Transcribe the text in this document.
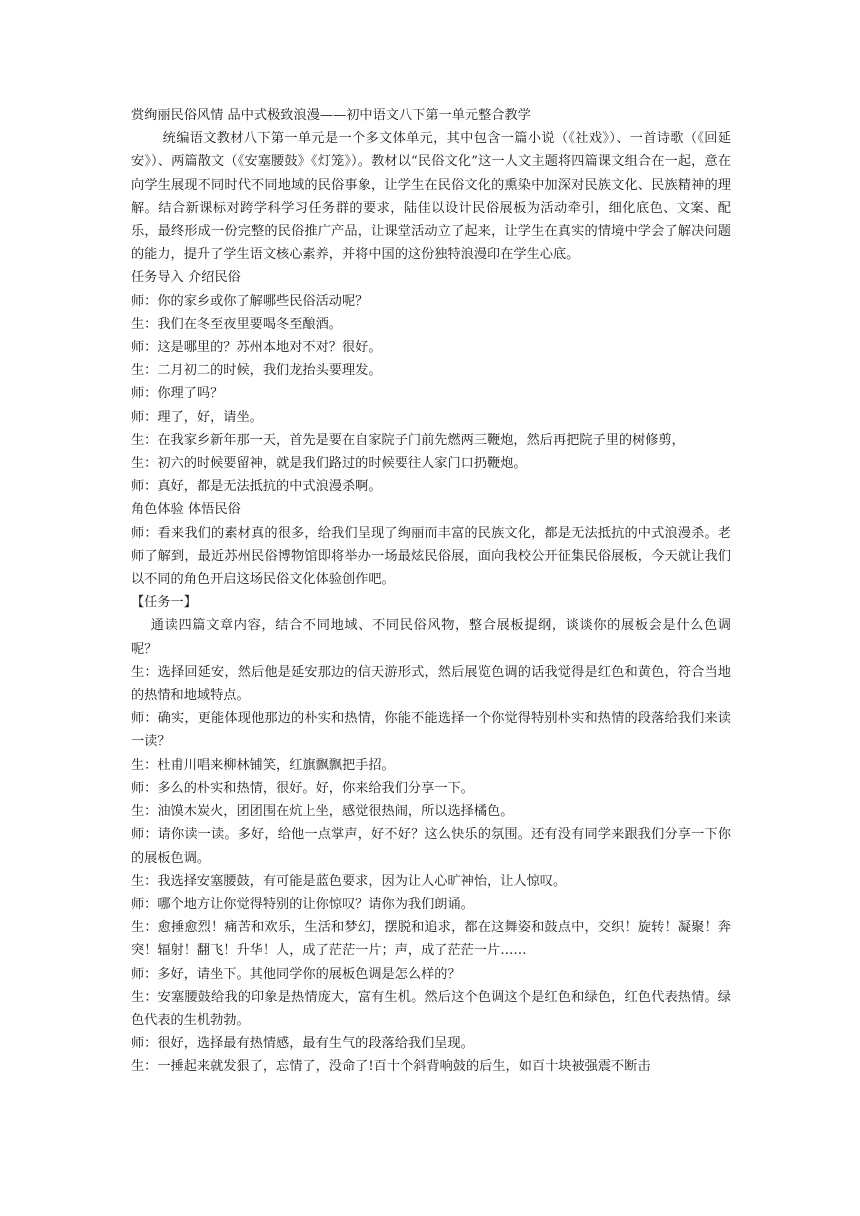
赏绚丽民俗风情 品中式极致浪漫——初中语文八下第一单元整合教学

统编语文教材八下第一单元是一个多文体单元，其中包含一篇小说（《社戏》）、一首诗歌（《回延安》）、两篇散文（《安塞腰鼓》《灯笼》）。教材以“民俗文化”这一人文主题将四篇课文组合在一起，意在向学生展现不同时代不同地域的民俗事象，让学生在民俗文化的熏染中加深对民族文化、民族精神的理解。结合新课标对跨学科学习任务群的要求，陆佳以设计民俗展板为活动牵引，细化底色、文案、配乐，最终形成一份完整的民俗推广产品，让课堂活动立了起来，让学生在真实的情境中学会了解决问题的能力，提升了学生语文核心素养，并将中国的这份独特浪漫印在学生心底。

任务导入 介绍民俗

师：你的家乡或你了解哪些民俗活动呢？

生：我们在冬至夜里要喝冬至酿酒。

师：这是哪里的？苏州本地对不对？很好。

生：二月初二的时候，我们龙抬头要理发。

师：你理了吗？

师：理了，好，请坐。

生：在我家乡新年那一天，首先是要在自家院子门前先燃两三鞭炮，然后再把院子里的树修剪，

生：初六的时候要留神，就是我们路过的时候要往人家门口扔鞭炮。

师：真好，都是无法抵抗的中式浪漫杀啊。

角色体验 体悟民俗

师：看来我们的素材真的很多，给我们呈现了绚丽而丰富的民族文化，都是无法抵抗的中式浪漫杀。老师了解到，最近苏州民俗博物馆即将举办一场最炫民俗展，面向我校公开征集民俗展板，今天就让我们以不同的角色开启这场民俗文化体验创作吧。

【任务一】

通读四篇文章内容，结合不同地域、不同民俗风物，整合展板提纲，谈谈你的展板会是什么色调呢？

生：选择回延安，然后他是延安那边的信天游形式，然后展览色调的话我觉得是红色和黄色，符合当地的热情和地域特点。

师：确实，更能体现他那边的朴实和热情，你能不能选择一个你觉得特别朴实和热情的段落给我们来读一读？

生：杜甫川唱来柳林铺笑，红旗飘飘把手招。

师：多么的朴实和热情，很好。好，你来给我们分享一下。

生：油馍木炭火，团团围在炕上坐，感觉很热闹，所以选择橘色。

师：请你读一读。多好，给他一点掌声，好不好？这么快乐的氛围。还有没有同学来跟我们分享一下你的展板色调。

生：我选择安塞腰鼓，有可能是蓝色要求，因为让人心旷神怡，让人惊叹。

师：哪个地方让你觉得特别的让你惊叹？请你为我们朗诵。

生：愈捶愈烈！痛苦和欢乐，生活和梦幻，摆脱和追求，都在这舞姿和鼓点中，交织！旋转！凝聚！奔突！辐射！翻飞！升华！人，成了茫茫一片；声，成了茫茫一片……

师：多好，请坐下。其他同学你的展板色调是怎么样的？

生：安塞腰鼓给我的印象是热情庞大，富有生机。然后这个色调这个是红色和绿色，红色代表热情。绿色代表的生机勃勃。

师：很好，选择最有热情感，最有生气的段落给我们呈现。

生：一捶起来就发狠了，忘情了，没命了!百十个斜背响鼓的后生，如百十块被强震不断击
